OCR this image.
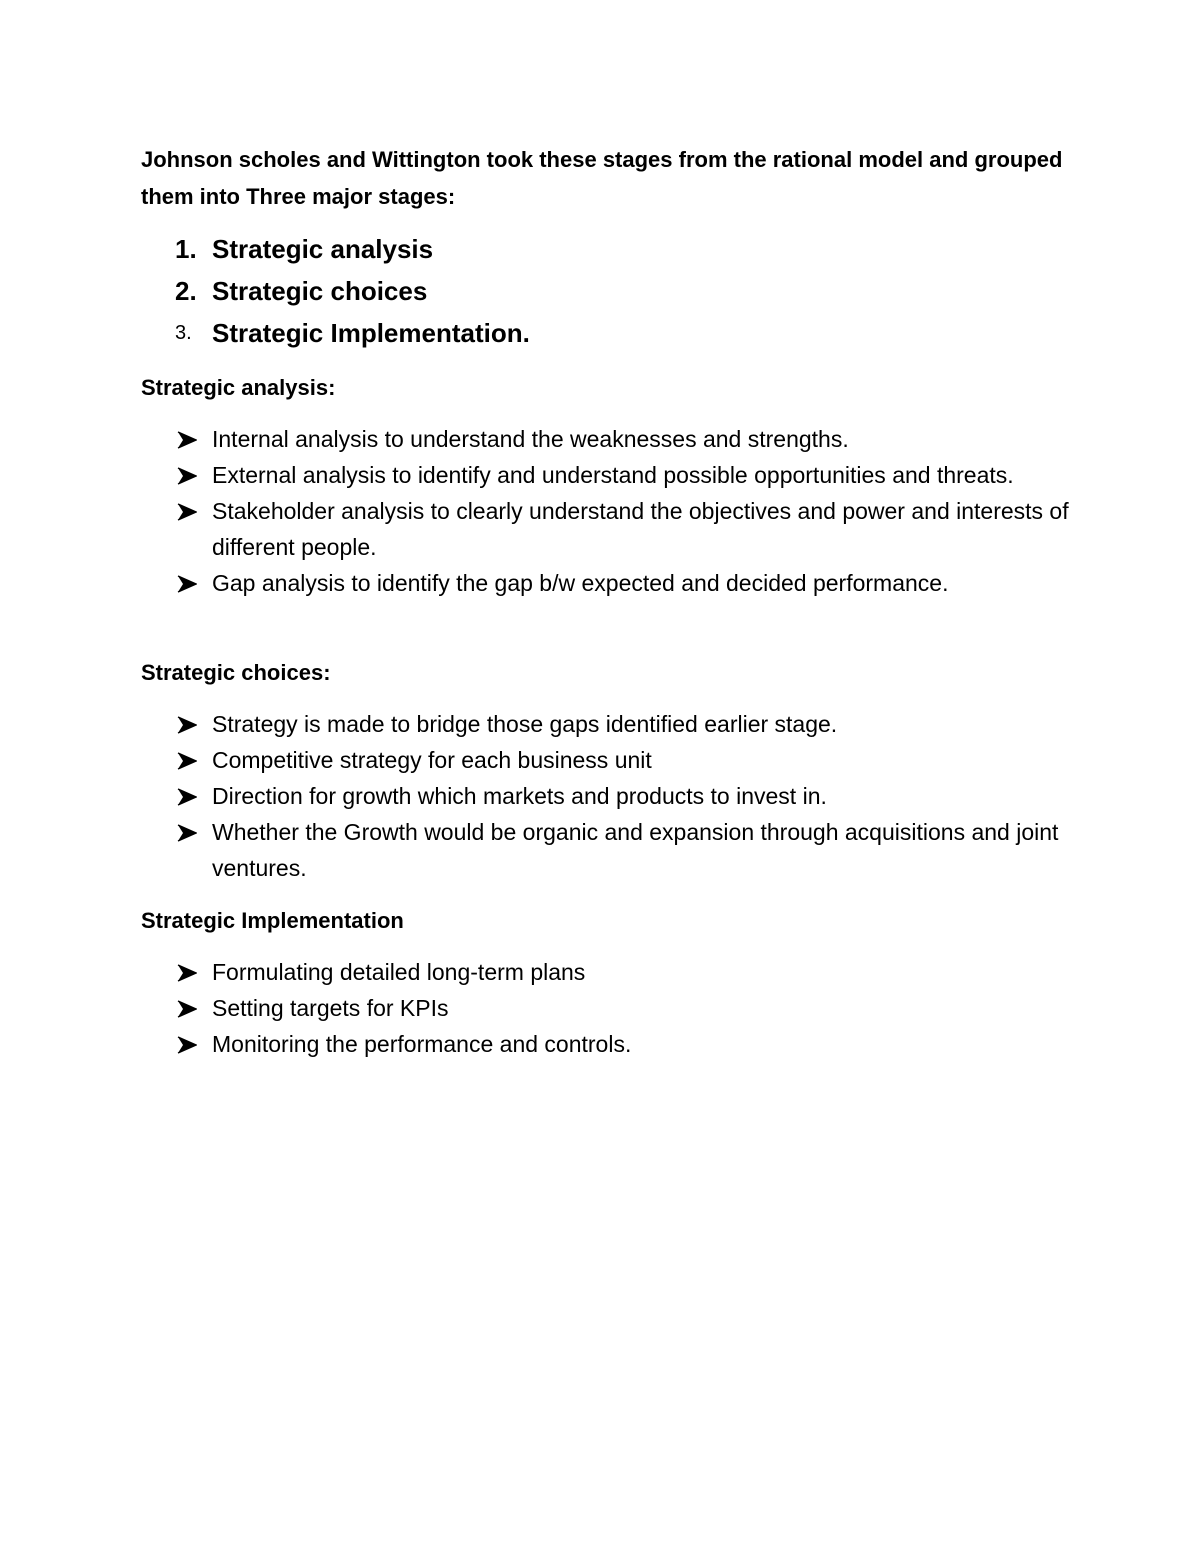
Johnson scholes and Wittington took these stages from the rational model and grouped them into Three major stages:

1. Strategic analysis
2. Strategic choices
3. Strategic Implementation.
Strategic analysis:
Internal analysis to understand the weaknesses and strengths.
External analysis to identify and understand possible opportunities and threats.
Stakeholder analysis to clearly understand the objectives and power and interests of different people.
Gap analysis to identify the gap b/w expected and decided performance.
Strategic choices:
Strategy is made to bridge those gaps identified earlier stage.
Competitive strategy for each business unit
Direction for growth which markets and products to invest in.
Whether the Growth would be organic and expansion through acquisitions and joint ventures.
Strategic Implementation
Formulating detailed long-term plans
Setting targets for KPIs
Monitoring the performance and controls.
